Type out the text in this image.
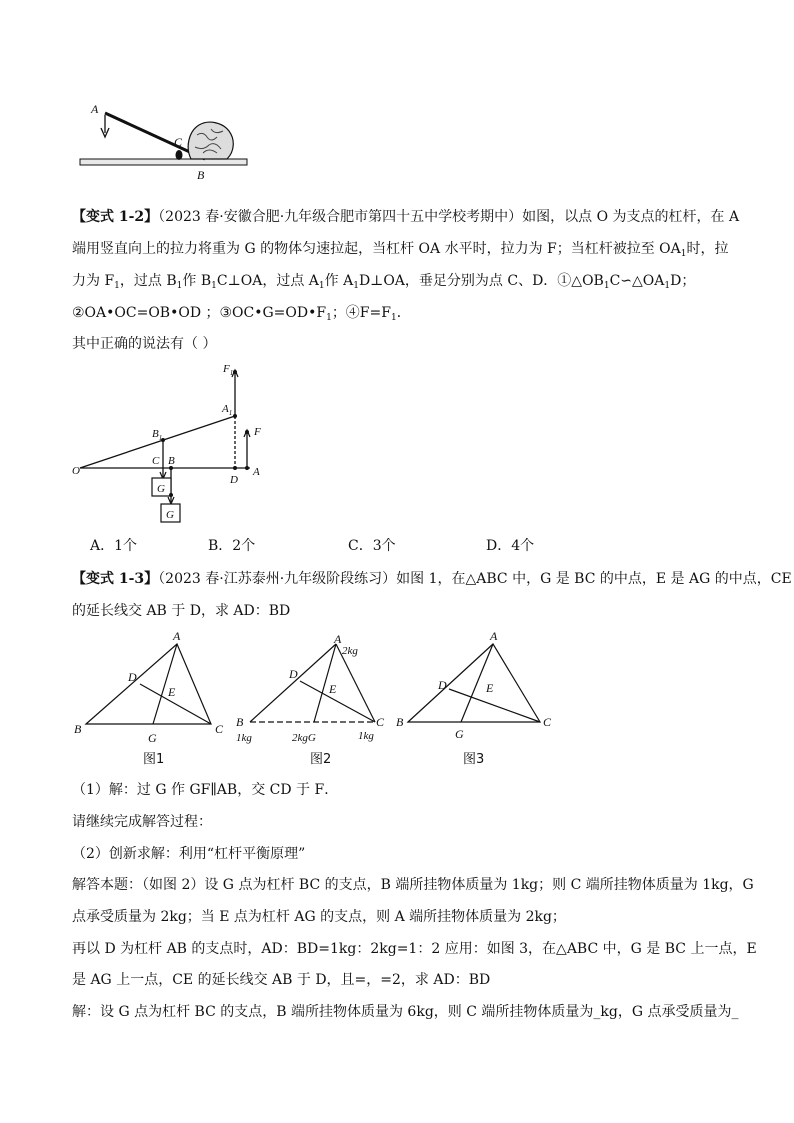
A
C
B
【变式 1-2】（2023 春·安徽合肥·九年级合肥市第四十五中学校考期中）如图，以点 O 为支点的杠杆，在 A
端用竖直向上的拉力将重为 G 的物体匀速拉起，当杠杆 OA 水平时，拉力为 F；当杠杆被拉至 $OA_1$时，拉
力为 $F_1$，过点 $B_1$作 $B_1C\perp OA$，过点 $A_1$作 $A_1D\perp OA$，垂足分别为点 C、D．$①\triangle OB_1C∽\triangle OA_1D$；
②OA•OC=OB•OD ；$③OC•G=OD•F_1$；$④F=F_1$．
其中正确的说法有（ ）
O
$B_1$
$A_1$
$F_1$
F
C B
D
A
G
G
A．1个	B．2个	C．3个	D．4个
【变式 1-3】（2023 春·江苏泰州·九年级阶段练习）如图 1，在△ABC 中，G 是 BC 的中点，E 是 AG 的中点，CE
的延长线交 AB 于 D，求 AD：BD
A
B	C
D
E
G
图1
A
2kg
B
1kg
C
1kg
D
E
2kgG
图2
A
B	C
D	E
G
图3
（1）解：过 G 作 GF∥AB，交 CD 于 F．
请继续完成解答过程：
（2）创新求解：利用“杠杆平衡原理”
解答本题：（如图 2）设 G 点为杠杆 BC 的支点，B 端所挂物体质量为 1kg；则 C 端所挂物体质量为 1kg，G
点承受质量为 2kg；当 E 点为杠杆 AG 的支点，则 A 端所挂物体质量为 2kg；
再以 D 为杠杆 AB 的支点时，AD：BD=1kg：2kg=1：2 应用：如图 3，在△ABC 中，G 是 BC 上一点，E
是 AG 上一点，CE 的延长线交 AB 于 D，且=，=2，求 AD：BD
解：设 G 点为杠杆 BC 的支点，B 端所挂物体质量为 6kg，则 C 端所挂物体质量为_kg，G 点承受质量为_
